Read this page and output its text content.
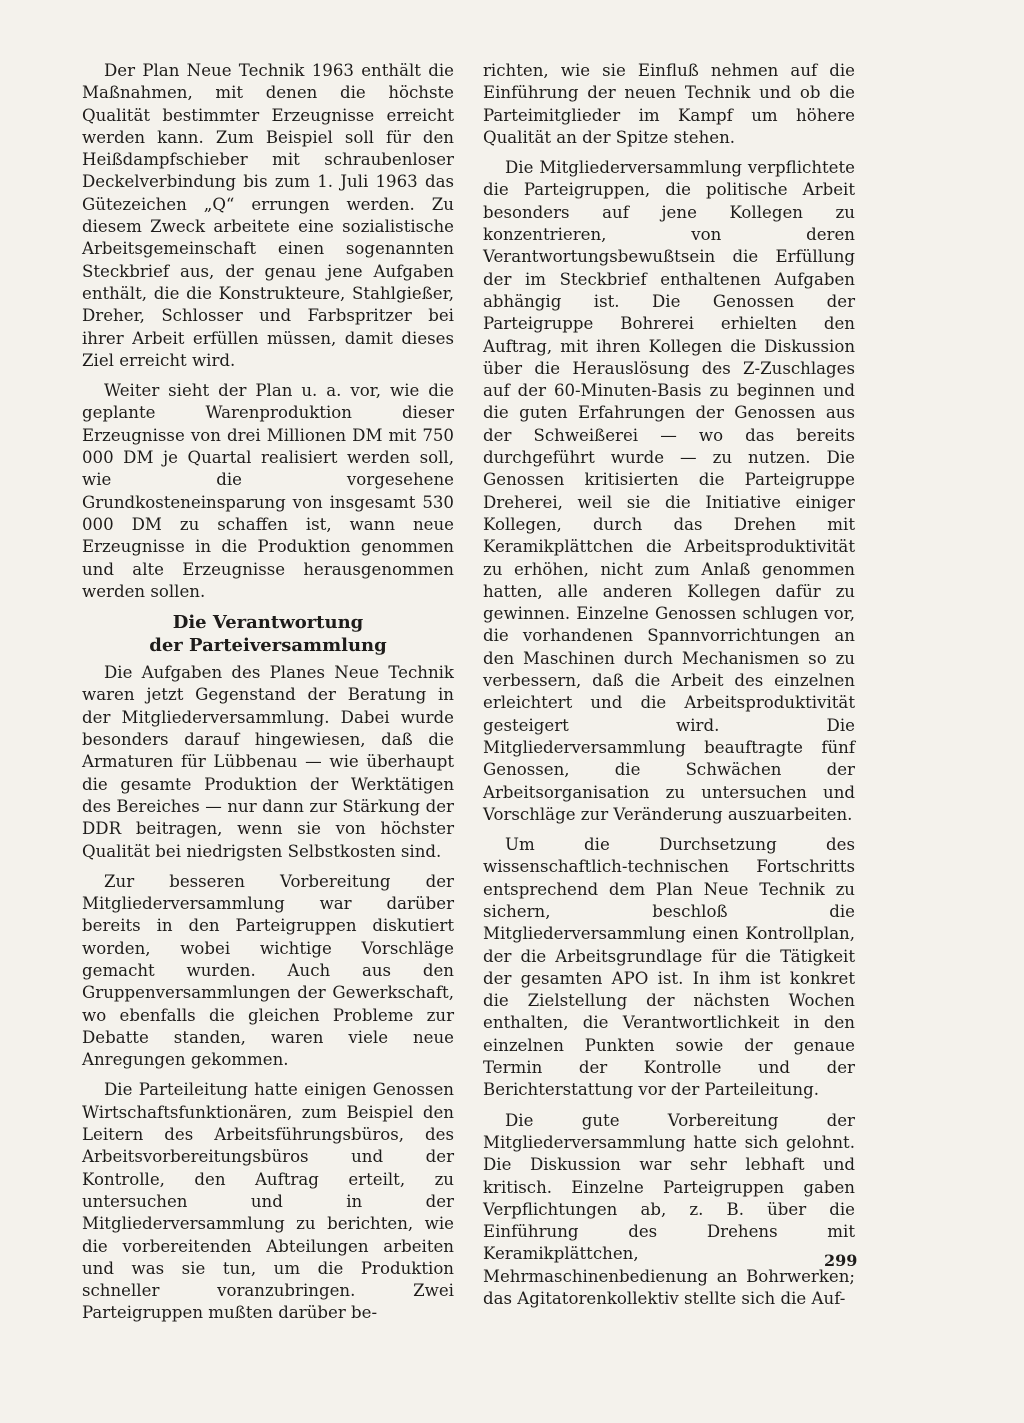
Der Plan Neue Technik 1963 enthält die Maßnahmen, mit denen die höchste Qualität bestimmter Erzeugnisse erreicht werden kann. Zum Beispiel soll für den Heißdampfschieber mit schraubenloser Deckelverbindung bis zum 1. Juli 1963 das Gütezeichen „Q“ errungen werden. Zu diesem Zweck arbeitete eine sozialistische Arbeitsgemeinschaft einen sogenannten Steckbrief aus, der genau jene Aufgaben enthält, die die Konstrukteure, Stahlgießer, Dreher, Schlosser und Farbspritzer bei ihrer Arbeit erfüllen müssen, damit dieses Ziel erreicht wird.

Weiter sieht der Plan u. a. vor, wie die geplante Warenproduktion dieser Erzeugnisse von drei Millionen DM mit 750 000 DM je Quartal realisiert werden soll, wie die vorgesehene Grundkosteneinsparung von insgesamt 530 000 DM zu schaffen ist, wann neue Erzeugnisse in die Produktion genommen und alte Erzeugnisse herausgenommen werden sollen.

Die Verantwortung
der Parteiversammlung

Die Aufgaben des Planes Neue Technik waren jetzt Gegenstand der Beratung in der Mitgliederversammlung. Dabei wurde besonders darauf hingewiesen, daß die Armaturen für Lübbenau — wie überhaupt die gesamte Produktion der Werktätigen des Bereiches — nur dann zur Stärkung der DDR beitragen, wenn sie von höchster Qualität bei niedrigsten Selbstkosten sind.

Zur besseren Vorbereitung der Mitgliederversammlung war darüber bereits in den Parteigruppen diskutiert worden, wobei wichtige Vorschläge gemacht wurden. Auch aus den Gruppenversammlungen der Gewerkschaft, wo ebenfalls die gleichen Probleme zur Debatte standen, waren viele neue Anregungen gekommen.

Die Parteileitung hatte einigen Genossen Wirtschaftsfunktionären, zum Beispiel den Leitern des Arbeitsführungsbüros, des Arbeitsvorbereitungsbüros und der Kontrolle, den Auftrag erteilt, zu untersuchen und in der Mitgliederversammlung zu berichten, wie die vorbereitenden Abteilungen arbeiten und was sie tun, um die Produktion schneller voranzubringen. Zwei Parteigruppen mußten darüber be-

richten, wie sie Einfluß nehmen auf die Einführung der neuen Technik und ob die Parteimitglieder im Kampf um höhere Qualität an der Spitze stehen.

Die Mitgliederversammlung verpflichtete die Parteigruppen, die politische Arbeit besonders auf jene Kollegen zu konzentrieren, von deren Verantwortungsbewußtsein die Erfüllung der im Steckbrief enthaltenen Aufgaben abhängig ist. Die Genossen der Parteigruppe Bohrerei erhielten den Auftrag, mit ihren Kollegen die Diskussion über die Herauslösung des Z-Zuschlages auf der 60-Minuten-Basis zu beginnen und die guten Erfahrungen der Genossen aus der Schweißerei — wo das bereits durchgeführt wurde — zu nutzen. Die Genossen kritisierten die Parteigruppe Dreherei, weil sie die Initiative einiger Kollegen, durch das Drehen mit Keramikplättchen die Arbeitsproduktivität zu erhöhen, nicht zum Anlaß genommen hatten, alle anderen Kollegen dafür zu gewinnen. Einzelne Genossen schlugen vor, die vorhandenen Spannvorrichtungen an den Maschinen durch Mechanismen so zu verbessern, daß die Arbeit des einzelnen erleichtert und die Arbeitsproduktivität gesteigert wird. Die Mitgliederversammlung beauftragte fünf Genossen, die Schwächen der Arbeitsorganisation zu untersuchen und Vorschläge zur Veränderung auszuarbeiten.

Um die Durchsetzung des wissenschaftlich-technischen Fortschritts entsprechend dem Plan Neue Technik zu sichern, beschloß die Mitgliederversammlung einen Kontrollplan, der die Arbeitsgrundlage für die Tätigkeit der gesamten APO ist. In ihm ist konkret die Zielstellung der nächsten Wochen enthalten, die Verantwortlichkeit in den einzelnen Punkten sowie der genaue Termin der Kontrolle und der Berichterstattung vor der Parteileitung.

Die gute Vorbereitung der Mitgliederversammlung hatte sich gelohnt. Die Diskussion war sehr lebhaft und kritisch. Einzelne Parteigruppen gaben Verpflichtungen ab, z. B. über die Einführung des Drehens mit Keramikplättchen, Mehrmaschinenbedienung an Bohrwerken; das Agitatorenkollektiv stellte sich die Auf-

299
